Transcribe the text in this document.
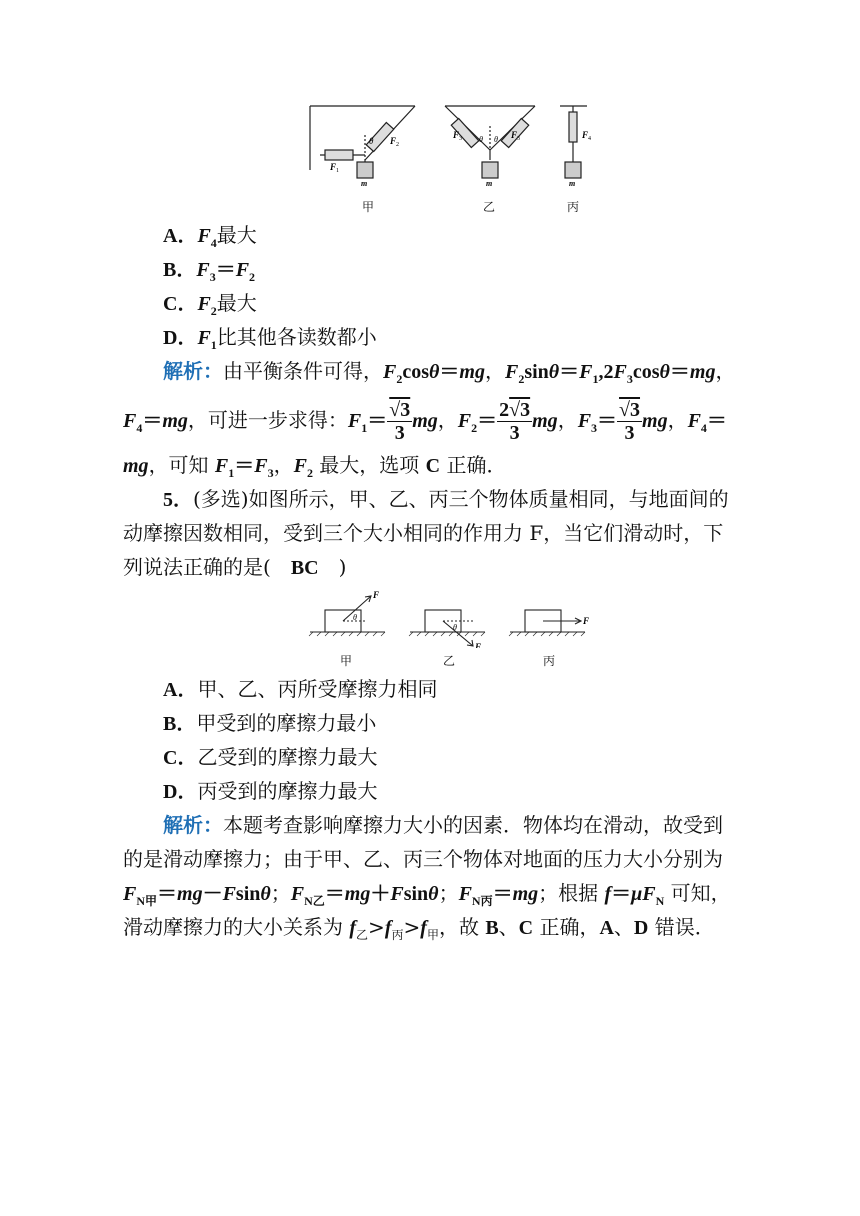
θ F 2
F 1
m
F 3 θ θ F 3
m
F 4
m
甲	乙	丙
A．$F_4$最大
B．$F_3=F_2$
C．$F_2$最大
D．$F_1$比其他各读数都小
解析：由平衡条件可得，$F_2\cos\theta=mg$，$F_2\sin\theta=F_1,2F_3\cos\theta=mg$，
$F_4=mg$，可进一步求得：$F_1= \frac{√3}{3}$ mg，$F_2= \frac{2√3}{3}$ mg，$F_3= \frac{√3}{3}$ mg，$F_4=$
mg，可知 $F_1=F_3$，$F_2$ 最大，选项 C 正确．
5．(多选)如图所示，甲、乙、丙三个物体质量相同，与地面间的
动摩擦因数相同，受到三个大小相同的作用力 F，当它们滑动时，下
列说法正确的是( BC )
F
θ
F
θ
F
甲	乙	丙
A．甲、乙、丙所受摩擦力相同
B．甲受到的摩擦力最小
C．乙受到的摩擦力最大
D．丙受到的摩擦力最大
解析：本题考查影响摩擦力大小的因素．物体均在滑动，故受到
的是滑动摩擦力；由于甲、乙、丙三个物体对地面的压力大小分别为
$F_{N甲}=mg-Fsin\theta$；$F_{N乙}=mg+Fsin\theta$；$F_{N丙}=mg$；根据 $f=\mu F_N$ 可知，
滑动摩擦力的大小关系为 $f_乙>f_丙>f_甲$，故 B、C 正确，A、D 错误．
